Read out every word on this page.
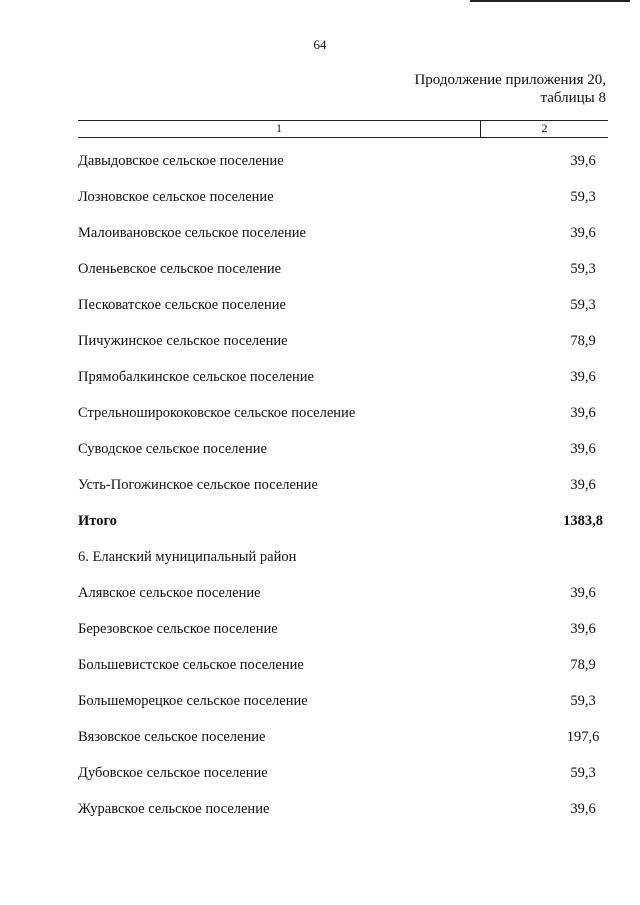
64
Продолжение приложения 20,
таблицы 8
1	2
Давыдовское сельское поселение	39,6
Лозновское сельское поселение	59,3
Малоивановское сельское поселение	39,6
Оленьевское сельское поселение	59,3
Песковатское сельское поселение	59,3
Пичужинское сельское поселение	78,9
Прямобалкинское сельское поселение	39,6
Стрельноширококовское сельское поселение	39,6
Суводское сельское поселение	39,6
Усть-Погожинское сельское поселение	39,6
Итого	1383,8
6. Еланский муниципальный район
Алявское сельское поселение	39,6
Березовское сельское поселение	39,6
Большевистское сельское поселение	78,9
Большеморецкое сельское поселение	59,3
Вязовское сельское поселение	197,6
Дубовское сельское поселение	59,3
Журавское сельское поселение	39,6
